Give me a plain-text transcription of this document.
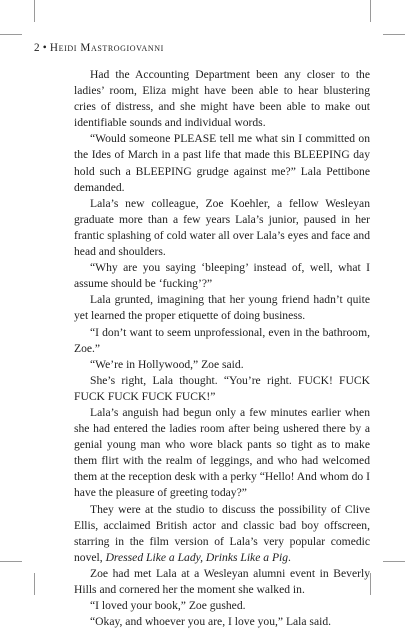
2 • Heidi Mastrogiovanni

Had the Accounting Department been any closer to the ladies’ room, Eliza might have been able to hear blustering cries of distress, and she might have been able to make out identifiable sounds and individual words.

“Would someone PLEASE tell me what sin I committed on the Ides of March in a past life that made this BLEEPING day hold such a BLEEPING grudge against me?” Lala Pettibone demanded.

Lala’s new colleague, Zoe Koehler, a fellow Wesleyan graduate more than a few years Lala’s junior, paused in her frantic splashing of cold water all over Lala’s eyes and face and head and shoulders.

“Why are you saying ‘bleeping’ instead of, well, what I assume should be ‘fucking’?”

Lala grunted, imagining that her young friend hadn’t quite yet learned the proper etiquette of doing business.

“I don’t want to seem unprofessional, even in the bathroom, Zoe.”

“We’re in Hollywood,” Zoe said.

She’s right, Lala thought. “You’re right. FUCK! FUCK FUCK FUCK FUCK FUCK!”

Lala’s anguish had begun only a few minutes earlier when she had entered the ladies room after being ushered there by a genial young man who wore black pants so tight as to make them flirt with the realm of leggings, and who had welcomed them at the reception desk with a perky “Hello! And whom do I have the pleasure of greeting today?”

They were at the studio to discuss the possibility of Clive Ellis, acclaimed British actor and classic bad boy offscreen, starring in the film version of Lala’s very popular comedic novel, Dressed Like a Lady, Drinks Like a Pig.

Zoe had met Lala at a Wesleyan alumni event in Beverly Hills and cornered her the moment she walked in.

“I loved your book,” Zoe gushed.

“Okay, and whoever you are, I love you,” Lala said.
